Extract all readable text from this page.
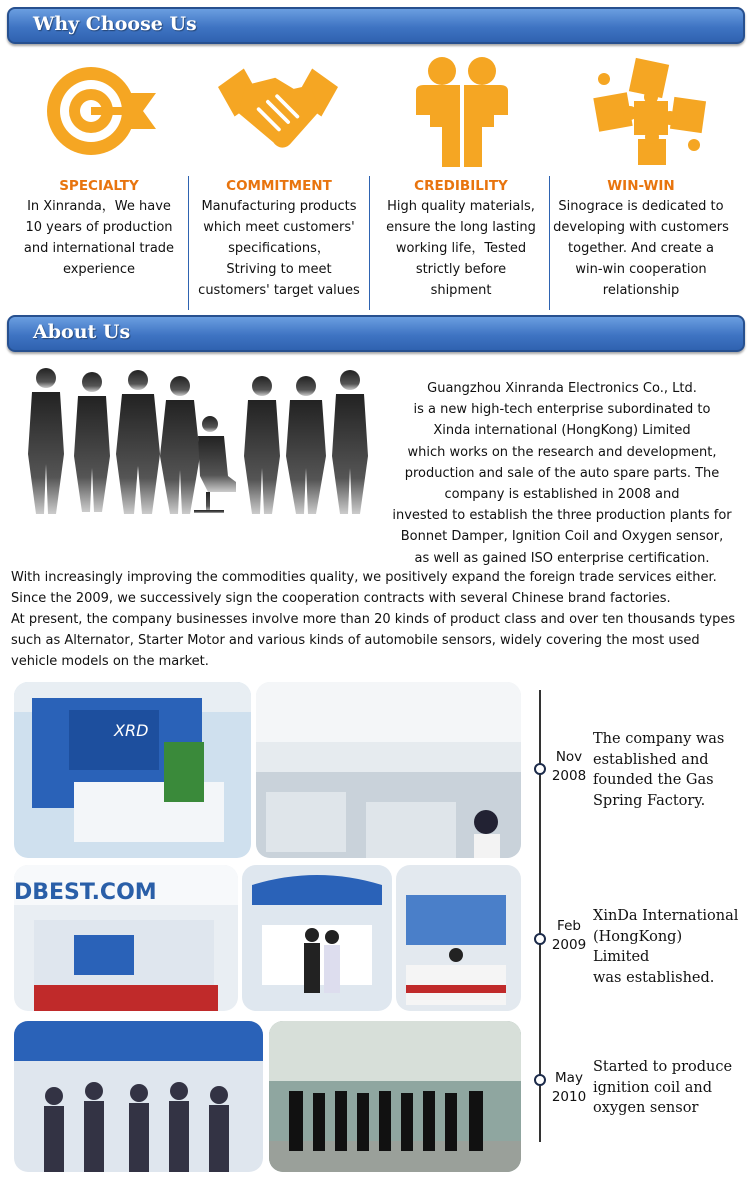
Why Choose Us
SPECIALTY
In Xinranda，We have
10 years of production
and international trade
experience
COMMITMENT
Manufacturing products
which meet customers'
specifications，
Striving to meet
customers' target values
CREDIBILITY
High quality materials,
ensure the long lasting
working life，Tested
strictly before
shipment
WIN-WIN
Sinograce is dedicated to
developing with customers
together. And create a
win-win cooperation
relationship
About Us
Guangzhou Xinranda Electronics Co., Ltd.
is a new high-tech enterprise subordinated to
Xinda international (HongKong) Limited
which works on the research and development,
production and sale of the auto spare parts. The
company is established in 2008 and
invested to establish the three production plants for
Bonnet Damper, Ignition Coil and Oxygen sensor,
as well as gained ISO enterprise certification.
With increasingly improving the commodities quality, we positively expand the foreign trade services either.
Since the 2009, we successively sign the cooperation contracts with several Chinese brand factories.
At present, the company businesses involve more than 20 kinds of product class and over ten thousands types
such as Alternator, Starter Motor and various kinds of automobile sensors, widely covering the most used
vehicle models on the market.
XRD
DBEST.COM
Nov
2008
The company was
established and
founded the Gas
Spring Factory.
Feb
2009
XinDa International
(HongKong) Limited
was established.
May
2010
Started to produce
ignition coil and
oxygen sensor
